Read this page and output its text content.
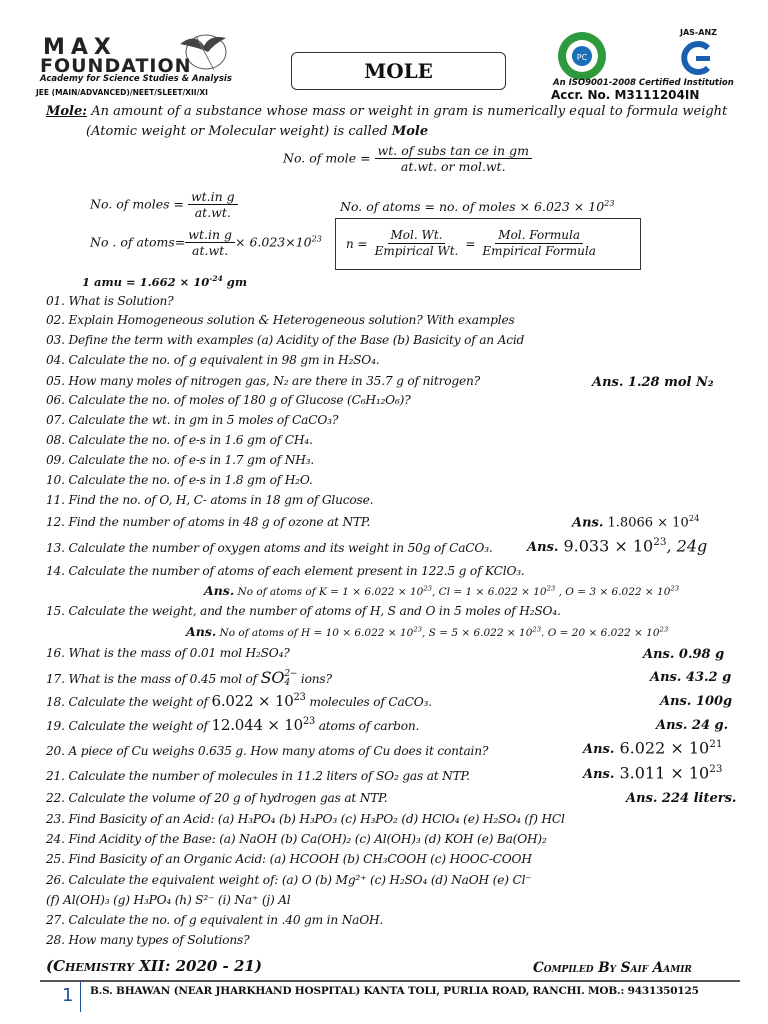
MAX
FOUNDATION
Academy for Science Studies & Analysis
JEE (MAIN/ADVANCED)/NEET/SLEET/XII/XI
MOLE
PC
JAS-ANZ
An ISO9001-2008 Certified Institution
Accr. No. M3111204IN
Mole: An amount of a substance whose mass or weight in gram is numerically equal to formula weight
(Atomic weight or Molecular weight) is called Mole
No. of mole = $\frac{\text{wt. of subs tan ce in gm}}{\text{at.wt. or mol.wt.}}$
No. of moles = $\frac{\text{wt.in g}}{at.wt.}$	No. of atoms = no. of moles × $6.023 \times 10^{23}$
No . of atoms= $\frac{\text{wt.in g}}{at.wt.} \times 6.023\times 10^{23}$ $n = \frac{\text{Mol. Wt.}}{\text{Empirical Wt.}} = \frac{\text{Mol. Formula}}{\text{Empirical Formula}}$
1 amu = $1.662 \times 10^{-24}$ gm
01. What is Solution?
02. Explain Homogeneous solution & Heterogeneous solution? With examples
03. Define the term with examples (a) Acidity of the Base (b) Basicity of an Acid
04. Calculate the no. of g equivalent in 98 gm in H₂SO₄.
05. How many moles of nitrogen gas, N₂ are there in 35.7 g of nitrogen?	Ans. 1.28 mol N₂
06. Calculate the no. of moles of 180 g of Glucose (C₆H₁₂O₆)?
07. Calculate the wt. in gm in 5 moles of CaCO₃?
08. Calculate the no. of e-s in 1.6 gm of CH₄.
09. Calculate the no. of e-s in 1.7 gm of NH₃.
10. Calculate the no. of e-s in 1.8 gm of H₂O.
11. Find the no. of O, H, C- atoms in 18 gm of Glucose.
12. Find the number of atoms in 48 g of ozone at NTP.	Ans. $1.8066 \times 10^{24}$
13. Calculate the number of oxygen atoms and its weight in 50g of CaCO₃.	Ans. $9.033 \times 10^{23}$, 24g
14. Calculate the number of atoms of each element present in 122.5 g of KClO₃.
Ans. No of atoms of $K = 1 \times 6.022 \times 10^{23}$, $Cl = 1 \times 6.022 \times 10^{23}$ , $O = 3 \times 6.022 \times 10^{23}$
15. Calculate the weight, and the number of atoms of H, S and O in 5 moles of H₂SO₄.
Ans. No of atoms of $H = 10 \times 6.022 \times 10^{23}$, $S = 5 \times 6.022 \times 10^{23}$. $O = 20 \times 6.022 \times 10^{23}$
16. What is the mass of 0.01 mol H₂SO₄?	Ans. 0.98 g
17. What is the mass of 0.45 mol of SO 2−
4 ions?	Ans. 43.2 g
18. Calculate the weight of $6.022 \times 10^{23}$ molecules of CaCO₃.	Ans. 100g
19. Calculate the weight of $12.044 \times 10^{23}$ atoms of carbon.	Ans. 24 g.
20. A piece of Cu weighs 0.635 g. How many atoms of Cu does it contain?	Ans. $6.022 \times 10^{21}$
21. Calculate the number of molecules in 11.2 liters of SO₂ gas at NTP.	Ans. $3.011 \times 10^{23}$
22. Calculate the volume of 20 g of hydrogen gas at NTP.	Ans. 224 liters.
23. Find Basicity of an Acid: (a) H₃PO₄ (b) H₃PO₃ (c) H₃PO₂ (d) HClO₄ (e) H₂SO₄ (f) HCl
24. Find Acidity of the Base: (a) NaOH (b) Ca(OH)₂ (c) Al(OH)₃ (d) KOH (e) Ba(OH)₂
25. Find Basicity of an Organic Acid: (a) HCOOH (b) CH₃COOH (c) HOOC-COOH
26. Calculate the equivalent weight of: (a) O (b) Mg²⁺ (c) H₂SO₄ (d) NaOH (e) Cl⁻
(f) Al(OH)₃ (g) H₃PO₄ (h) S²⁻ (i) Na⁺ (j) Al
27. Calculate the no. of g equivalent in .40 gm in NaOH.
28. How many types of Solutions?
(Chemistry XII: 2020 - 21)	Compiled By Saif Aamir
1 B.S. BHAWAN (NEAR JHARKHAND HOSPITAL) KANTA TOLI, PURLIA ROAD, RANCHI. MOB.: 9431350125
